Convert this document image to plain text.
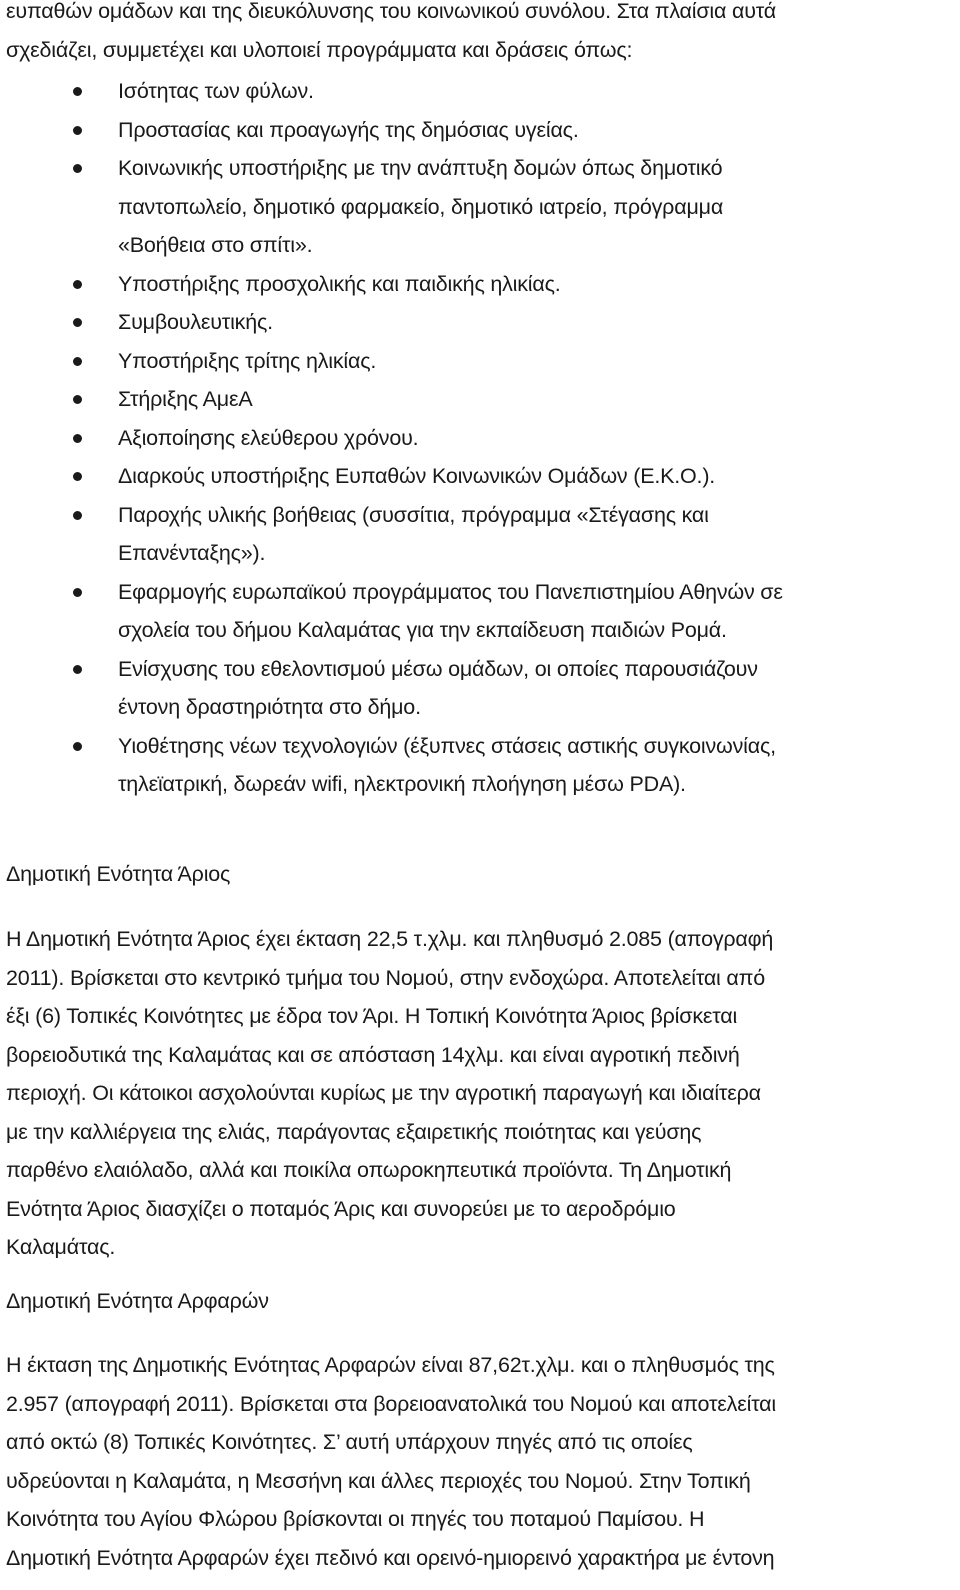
ευπαθών ομάδων και της διευκόλυνσης του κοινωνικού συνόλου. Στα πλαίσια αυτά
σχεδιάζει, συμμετέχει και υλοποιεί προγράμματα και δράσεις όπως:

Ισότητας των φύλων.
Προστασίας και προαγωγής της δημόσιας υγείας.
Κοινωνικής υποστήριξης με την ανάπτυξη δομών όπως δημοτικό
παντοπωλείο, δημοτικό φαρμακείο, δημοτικό ιατρείο, πρόγραμμα
«Βοήθεια στο σπίτι».
Υποστήριξης προσχολικής και παιδικής ηλικίας.
Συμβουλευτικής.
Υποστήριξης τρίτης ηλικίας.
Στήριξης ΑμεΑ
Αξιοποίησης ελεύθερου χρόνου.
Διαρκούς υποστήριξης Ευπαθών Κοινωνικών Ομάδων (Ε.Κ.Ο.).
Παροχής υλικής βοήθειας (συσσίτια, πρόγραμμα «Στέγασης και
Επανένταξης»).
Εφαρμογής ευρωπαϊκού προγράμματος του Πανεπιστημίου Αθηνών σε
σχολεία του δήμου Καλαμάτας για την εκπαίδευση παιδιών Ρομά.
Ενίσχυσης του εθελοντισμού μέσω ομάδων, οι οποίες παρουσιάζουν
έντονη δραστηριότητα στο δήμο.
Υιοθέτησης νέων τεχνολογιών (έξυπνες στάσεις αστικής συγκοινωνίας,
τηλεϊατρική, δωρεάν wifi, ηλεκτρονική πλοήγηση μέσω PDA).
Δημοτική Ενότητα Άριος

Η Δημοτική Ενότητα Άριος έχει έκταση 22,5 τ.χλμ. και πληθυσμό 2.085 (απογραφή
2011). Βρίσκεται στο κεντρικό τμήμα του Νομού, στην ενδοχώρα. Αποτελείται από
έξι (6) Τοπικές Κοινότητες με έδρα τον Άρι. Η Τοπική Κοινότητα Άριος βρίσκεται
βορειοδυτικά της Καλαμάτας και σε απόσταση 14χλμ. και είναι αγροτική πεδινή
περιοχή. Οι κάτοικοι ασχολούνται κυρίως με την αγροτική παραγωγή και ιδιαίτερα
με την καλλιέργεια της ελιάς, παράγοντας εξαιρετικής ποιότητας και γεύσης
παρθένο ελαιόλαδο, αλλά και ποικίλα οπωροκηπευτικά προϊόντα. Τη Δημοτική
Ενότητα Άριος διασχίζει ο ποταμός Άρις και συνορεύει με το αεροδρόμιο
Καλαμάτας.

Δημοτική Ενότητα Αρφαρών

Η έκταση της Δημοτικής Ενότητας Αρφαρών είναι 87,62τ.χλμ. και ο πληθυσμός της
2.957 (απογραφή 2011). Βρίσκεται στα βορειοανατολικά του Νομού και αποτελείται
από οκτώ (8) Τοπικές Κοινότητες. Σ’ αυτή υπάρχουν πηγές από τις οποίες
υδρεύονται η Καλαμάτα, η Μεσσήνη και άλλες περιοχές του Νομού. Στην Τοπική
Κοινότητα του Αγίου Φλώρου βρίσκονται οι πηγές του ποταμού Παμίσου. Η
Δημοτική Ενότητα Αρφαρών έχει πεδινό και ορεινό-ημιορεινό χαρακτήρα με έντονη
